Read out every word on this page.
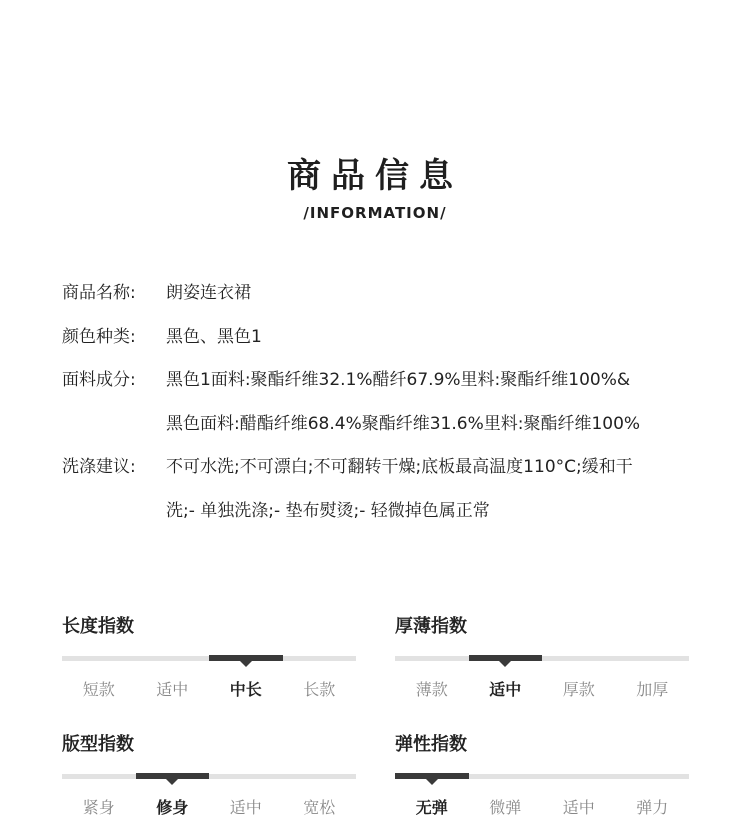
商品信息
/INFORMATION/
商品名称:	朗姿连衣裙
颜色种类:	黑色、黑色1
面料成分:	黑色1面料:聚酯纤维32.1%醋纤67.9%里料:聚酯纤维100%&
黑色面料:醋酯纤维68.4%聚酯纤维31.6%里料:聚酯纤维100%
洗涤建议:	不可水洗;不可漂白;不可翻转干燥;底板最高温度110°C;缓和干
洗;- 单独洗涤;- 垫布熨烫;- 轻微掉色属正常
长度指数
短款	适中	中长	长款
厚薄指数
薄款	适中	厚款	加厚
版型指数
紧身	修身	适中	宽松
弹性指数
无弹	微弹	适中	弹力
